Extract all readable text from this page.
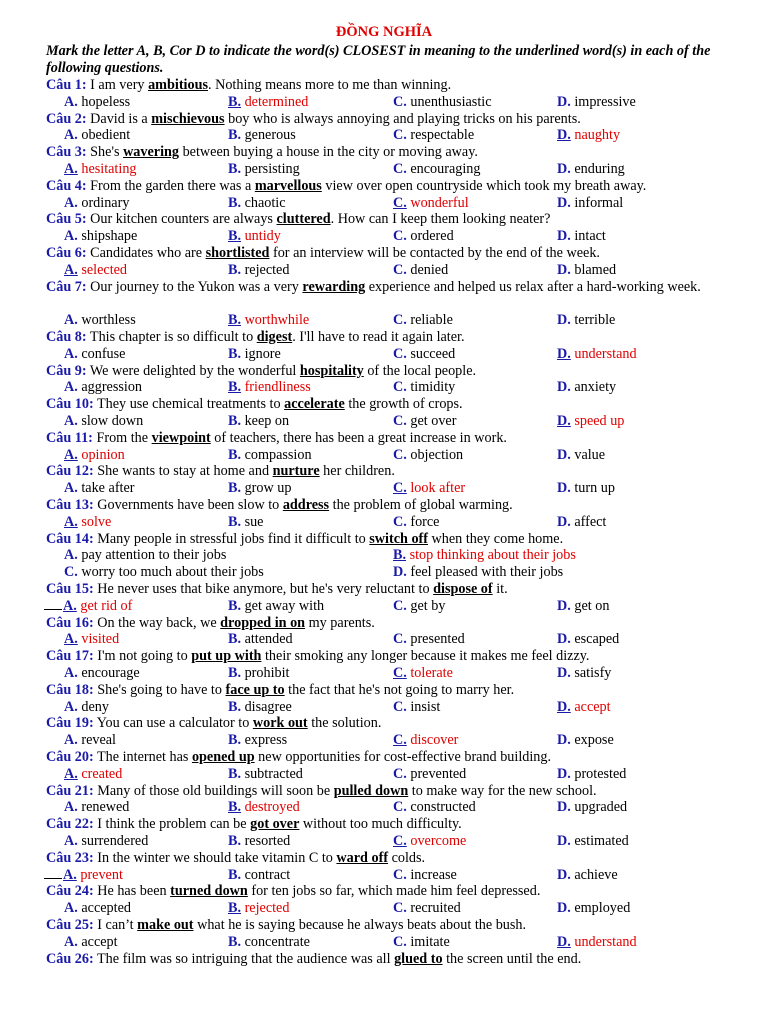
ĐỒNG NGHĨA
Mark the letter A, B, Cor D to indicate the word(s) CLOSEST in meaning to the underlined word(s) in each of the following questions.
Câu 1: I am very ambitious. Nothing means more to me than winning.
A. hopeless	B. determined	C. unenthusiastic	D. impressive
Câu 2: David is a mischievous boy who is always annoying and playing tricks on his parents.
A. obedient	B. generous	C. respectable	D. naughty
Câu 3: She's wavering between buying a house in the city or moving away.
A. hesitating	B. persisting	C. encouraging	D. enduring
Câu 4: From the garden there was a marvellous view over open countryside which took my breath away.
A. ordinary	B. chaotic	C. wonderful	D. informal
Câu 5: Our kitchen counters are always cluttered. How can I keep them looking neater?
A. shipshape	B. untidy	C. ordered	D. intact
Câu 6: Candidates who are shortlisted for an interview will be contacted by the end of the week.
A. selected	B. rejected	C. denied	D. blamed
Câu 7: Our journey to the Yukon was a very rewarding experience and helped us relax after a hard-working week.
A. worthless	B. worthwhile	C. reliable	D. terrible
Câu 8: This chapter is so difficult to digest. I'll have to read it again later.
A. confuse	B. ignore	C. succeed	D. understand
Câu 9: We were delighted by the wonderful hospitality of the local people.
A. aggression	B. friendliness	C. timidity	D. anxiety
Câu 10: They use chemical treatments to accelerate the growth of crops.
A. slow down	B. keep on	C. get over	D. speed up
Câu 11: From the viewpoint of teachers, there has been a great increase in work.
A. opinion	B. compassion	C. objection	D. value
Câu 12: She wants to stay at home and nurture her children.
A. take after	B. grow up	C. look after	D. turn up
Câu 13: Governments have been slow to address the problem of global warming.
A. solve	B. sue	C. force	D. affect
Câu 14: Many people in stressful jobs find it difficult to switch off when they come home.
A. pay attention to their jobs	B. stop thinking about their jobs
C. worry too much about their jobs	D. feel pleased with their jobs
Câu 15: He never uses that bike anymore, but he's very reluctant to dispose of it.
A. get rid of	B. get away with	C. get by	D. get on
Câu 16: On the way back, we dropped in on my parents.
A. visited	B. attended	C. presented	D. escaped
Câu 17: I'm not going to put up with their smoking any longer because it makes me feel dizzy.
A. encourage	B. prohibit	C. tolerate	D. satisfy
Câu 18: She's going to have to face up to the fact that he's not going to marry her.
A. deny	B. disagree	C. insist	D. accept
Câu 19: You can use a calculator to work out the solution.
A. reveal	B. express	C. discover	D. expose
Câu 20: The internet has opened up new opportunities for cost-effective brand building.
A. created	B. subtracted	C. prevented	D. protested
Câu 21: Many of those old buildings will soon be pulled down to make way for the new school.
A. renewed	B. destroyed	C. constructed	D. upgraded
Câu 22: I think the problem can be got over without too much difficulty.
A. surrendered	B. resorted	C. overcome	D. estimated
Câu 23: In the winter we should take vitamin C to ward off colds.
A. prevent	B. contract	C. increase	D. achieve
Câu 24: He has been turned down for ten jobs so far, which made him feel depressed.
A. accepted	B. rejected	C. recruited	D. employed
Câu 25: I can’t make out what he is saying because he always beats about the bush.
A. accept	B. concentrate	C. imitate	D. understand
Câu 26: The film was so intriguing that the audience was all glued to the screen until the end.
